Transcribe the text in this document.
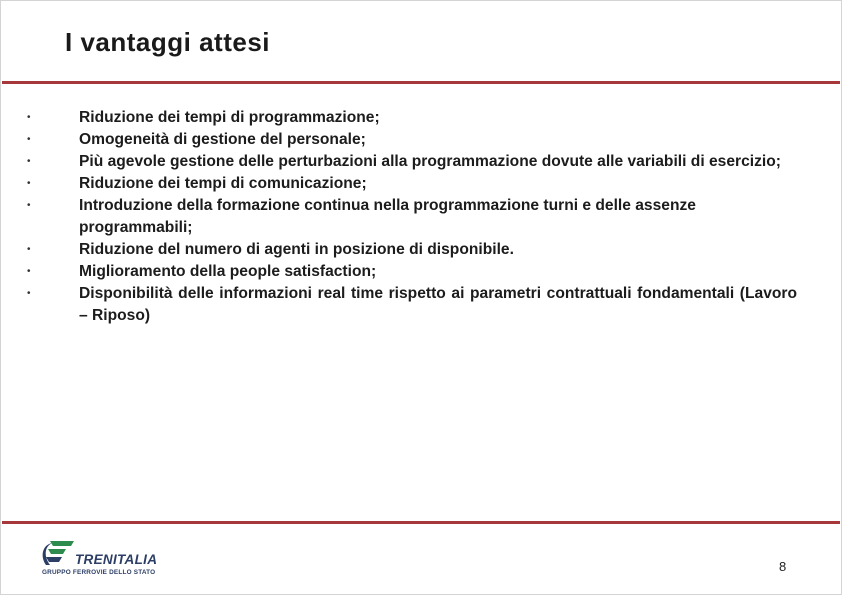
I vantaggi attesi
•	Riduzione dei tempi di programmazione;
•	Omogeneità di gestione del personale;
•	Più agevole gestione delle perturbazioni alla programmazione dovute alle variabili di esercizio;
•	Riduzione dei tempi di comunicazione;
•	Introduzione della formazione continua nella programmazione turni e delle assenze programmabili;
•	Riduzione del numero di agenti in posizione di disponibile.
•	Miglioramento della people satisfaction;
•	Disponibilità delle informazioni real time rispetto ai parametri contrattuali fondamentali (Lavoro – Riposo)
TRENITALIA
GRUPPO FERROVIE DELLO STATO	8
